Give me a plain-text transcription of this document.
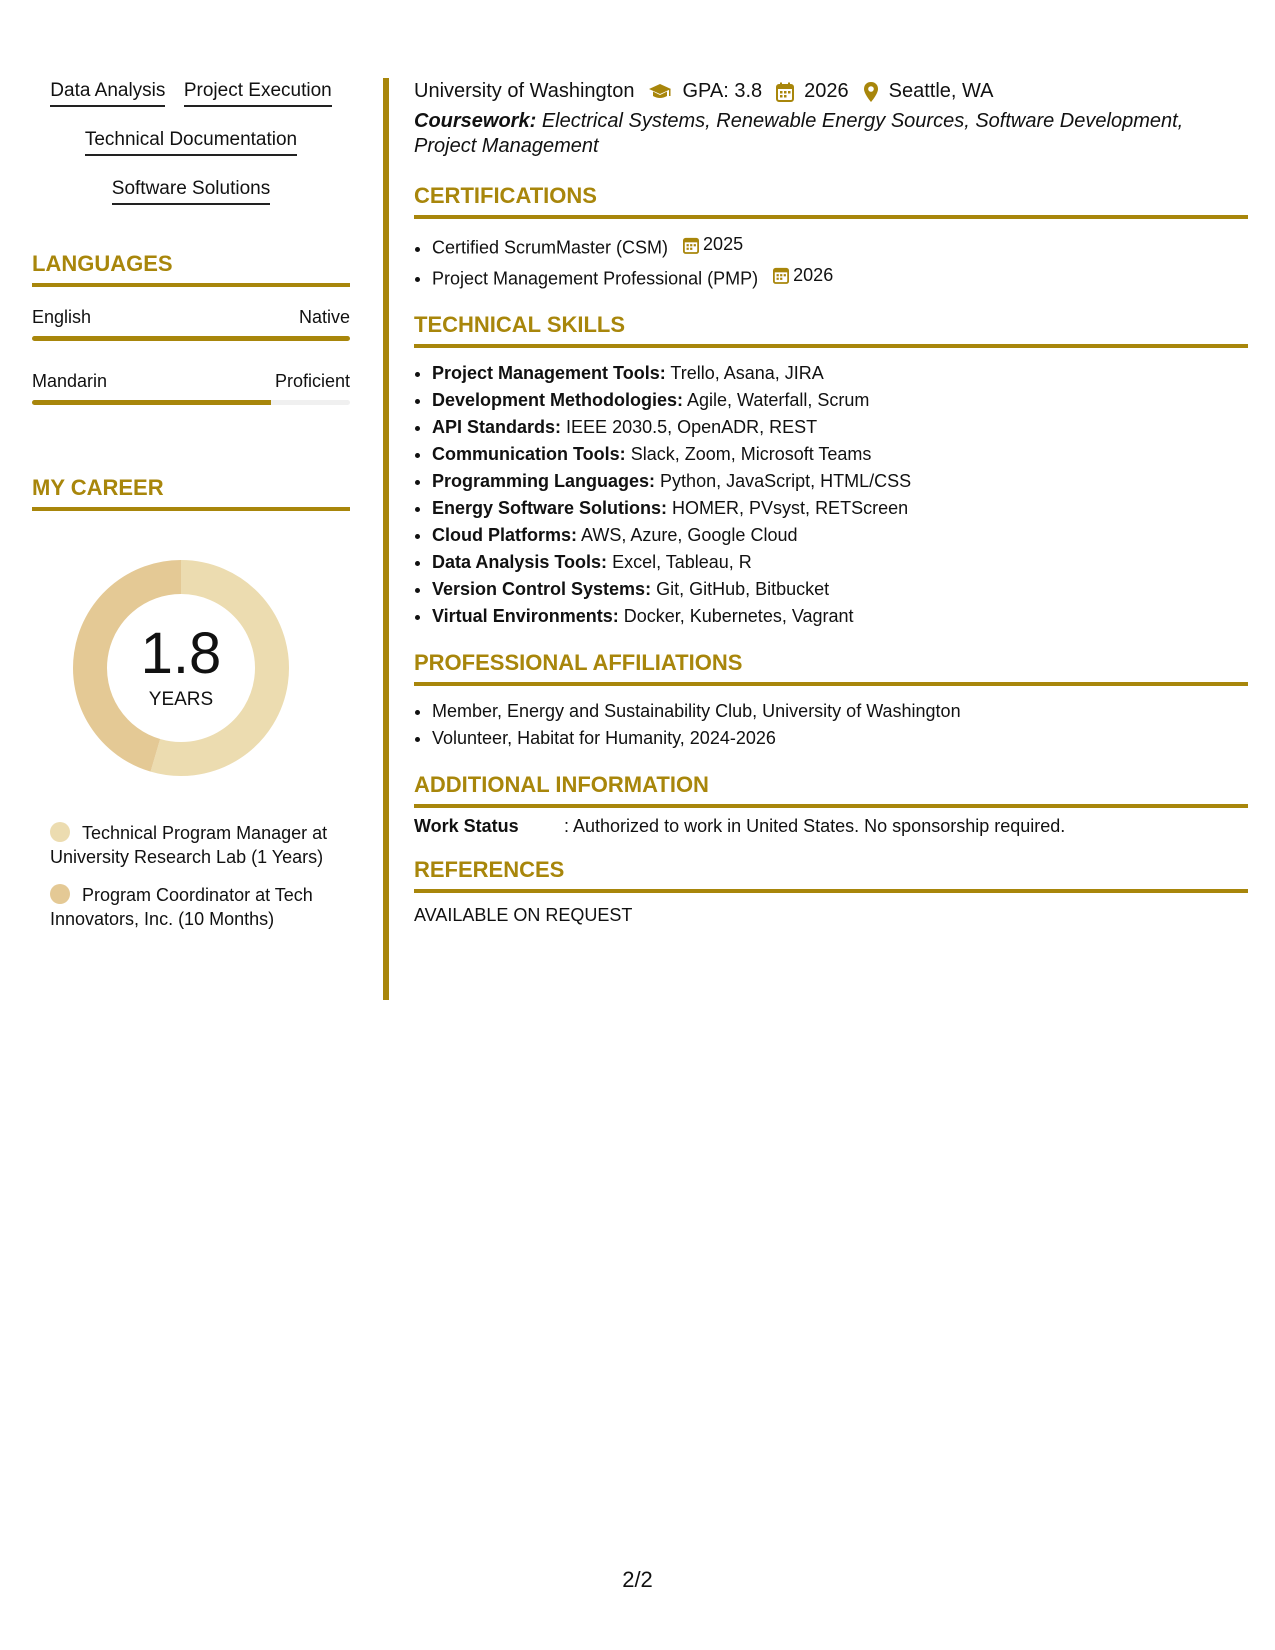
Data Analysis Project Execution
Technical Documentation
Software Solutions
LANGUAGES
English	Native
Mandarin	Proficient
MY CAREER
1.8
YEARS
Technical Program Manager at University Research Lab (1 Years)
Program Coordinator at Tech Innovators, Inc. (10 Months)
University of Washington GPA: 3.8 2026 Seattle, WA
Coursework: Electrical Systems, Renewable Energy Sources, Software Development, Project Management
CERTIFICATIONS
• Certified ScrumMaster (CSM) 2025
• Project Management Professional (PMP) 2026
TECHNICAL SKILLS
• Project Management Tools: Trello, Asana, JIRA
• Development Methodologies: Agile, Waterfall, Scrum
• API Standards: IEEE 2030.5, OpenADR, REST
• Communication Tools: Slack, Zoom, Microsoft Teams
• Programming Languages: Python, JavaScript, HTML/CSS
• Energy Software Solutions: HOMER, PVsyst, RETScreen
• Cloud Platforms: AWS, Azure, Google Cloud
• Data Analysis Tools: Excel, Tableau, R
• Version Control Systems: Git, GitHub, Bitbucket
• Virtual Environments: Docker, Kubernetes, Vagrant
PROFESSIONAL AFFILIATIONS
• Member, Energy and Sustainability Club, University of Washington
• Volunteer, Habitat for Humanity, 2024-2026
ADDITIONAL INFORMATION
Work Status	: Authorized to work in United States. No sponsorship required.
REFERENCES
AVAILABLE ON REQUEST
2/2
